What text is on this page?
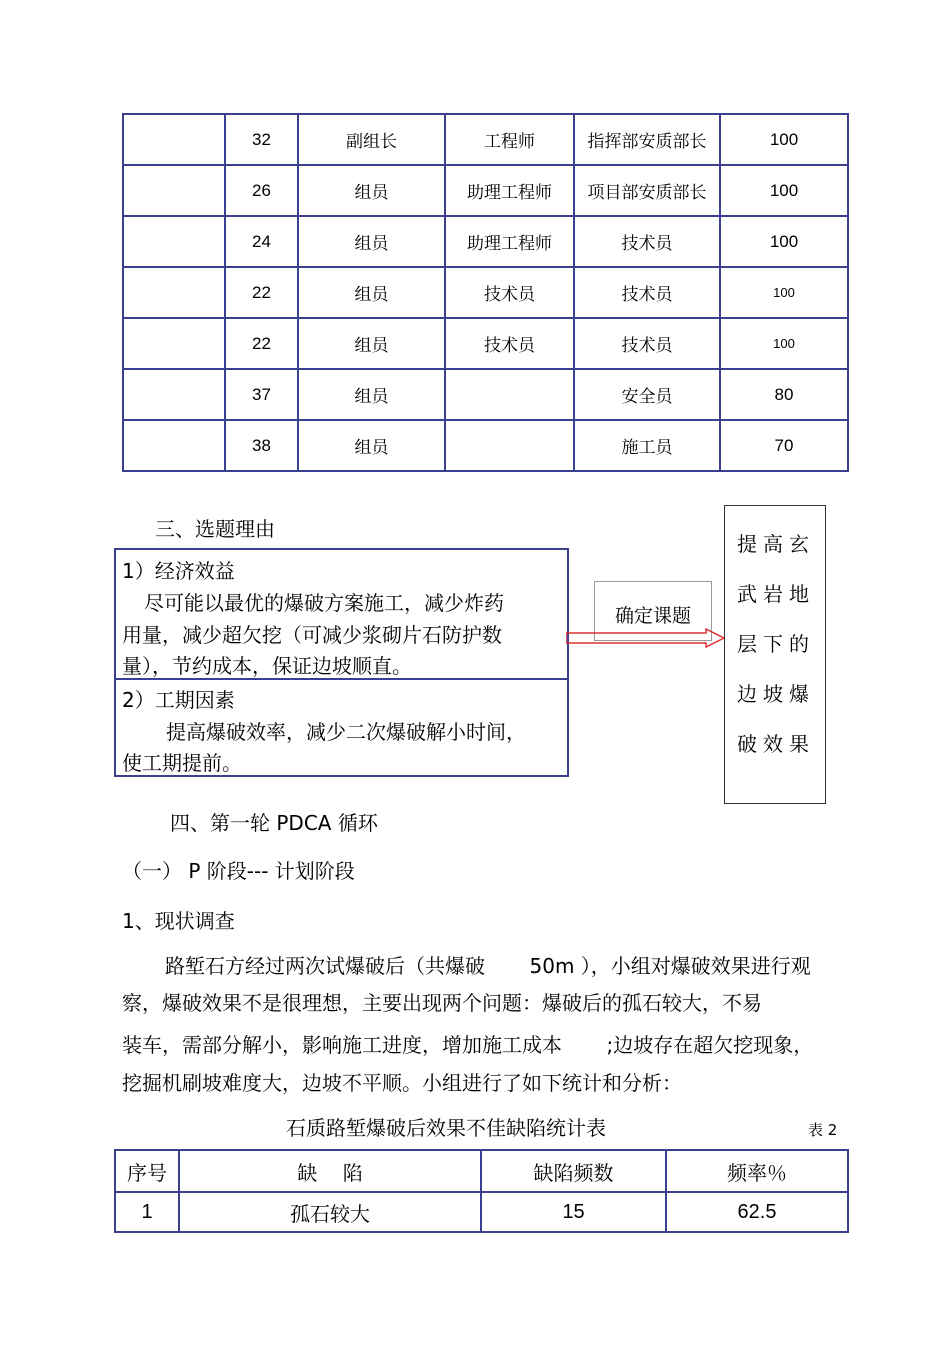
	32	副组长	工程师	指挥部安质部长	100
	26	组员	助理工程师	项目部安质部长	100
	24	组员	助理工程师	技术员	100
	22	组员	技术员	技术员	100
	22	组员	技术员	技术员	100
	37	组员		安全员	80
	38	组员		施工员	70
三、选题理由

1）经济效益

尽可能以最优的爆破方案施工，减少炸药

用量，减少超欠挖（可减少浆砌片石防护数

量），节约成本，保证边坡顺直。

2）工期因素

提高爆破效率，减少二次爆破解小时间，

使工期提前。

确定课题
提高玄
武岩地
层下的
边坡爆
破效果
四、第一轮 PDCA 循环
（一） P 阶段--- 计划阶段
1、现状调查
路堑石方经过两次试爆破后（共爆破       50m ），小组对爆破效果进行观
察，爆破效果不是很理想，主要出现两个问题：爆破后的孤石较大，不易
装车，需部分解小，影响施工进度，增加施工成本       ;边坡存在超欠挖现象，
挖掘机刷坡难度大，边坡不平顺。小组进行了如下统计和分析：
石质路堑爆破后效果不佳缺陷统计表	表 2
序号	缺    陷	缺陷频数	频率％
1	孤石较大	15	62.5
